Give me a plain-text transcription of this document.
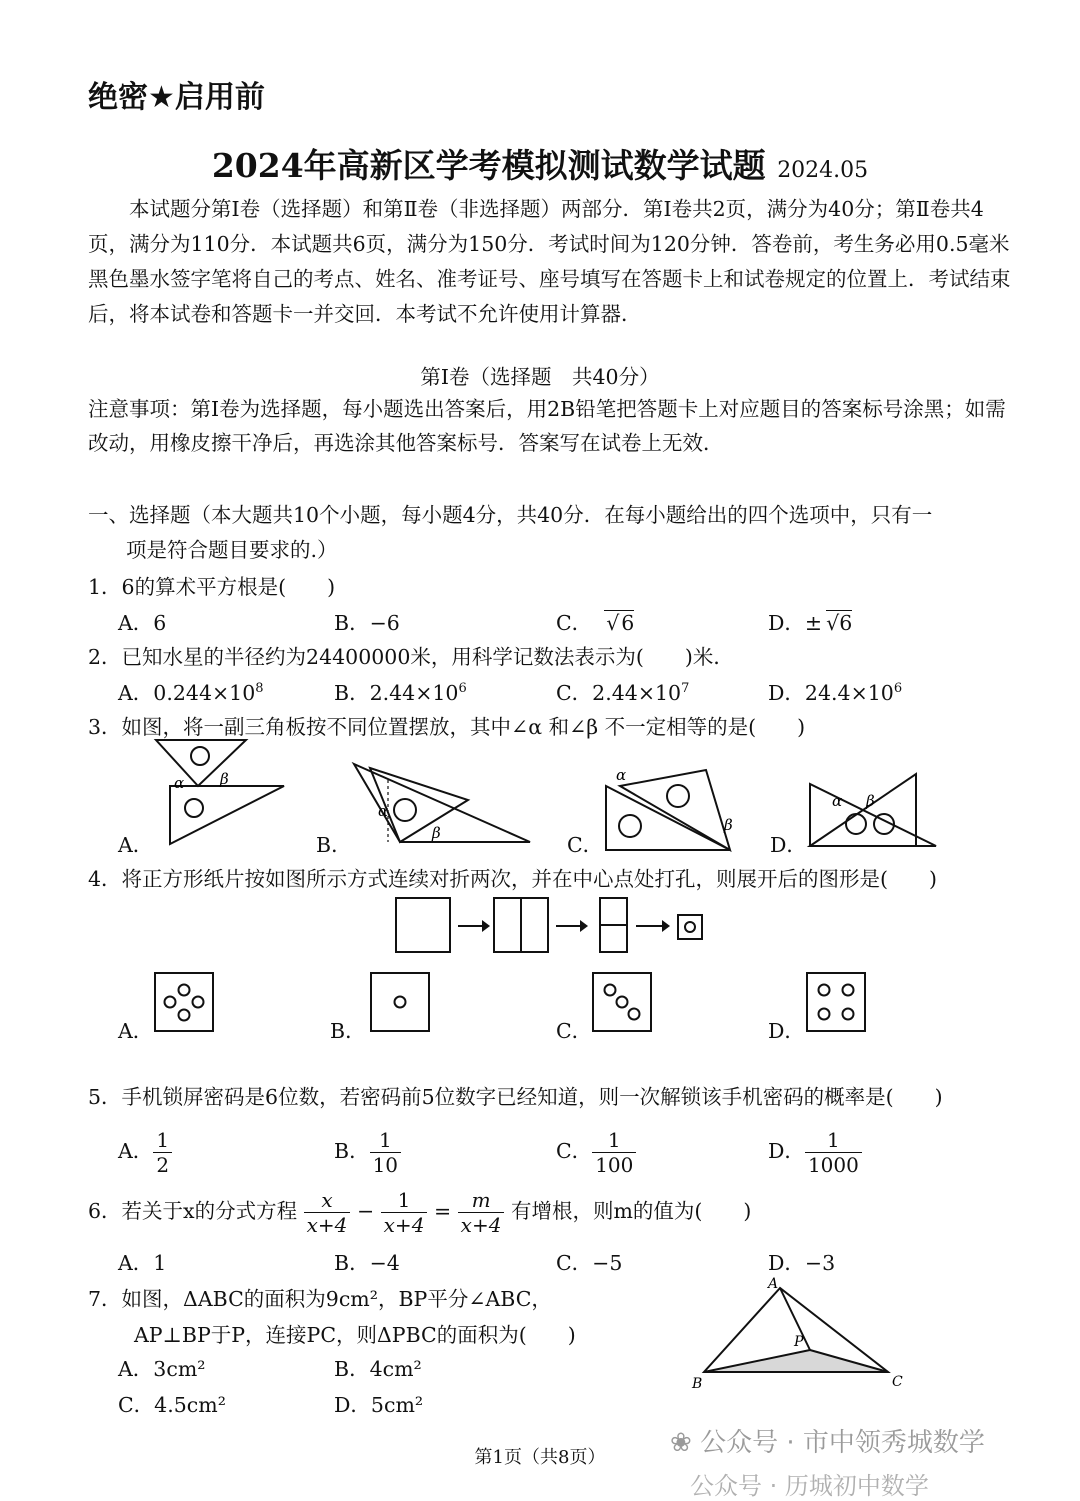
绝密★启用前
2024年高新区学考模拟测试数学试题 2024.05

本试题分第Ⅰ卷（选择题）和第Ⅱ卷（非选择题）两部分．第Ⅰ卷共2页，满分为40分；第Ⅱ卷共4页，满分为110分．本试题共6页，满分为150分．考试时间为120分钟．答卷前，考生务必用0.5毫米黑色墨水签字笔将自己的考点、姓名、准考证号、座号填写在答题卡上和试卷规定的位置上．考试结束后，将本试卷和答题卡一并交回．本考试不允许使用计算器．

第Ⅰ卷（选择题　共40分）
注意事项：第Ⅰ卷为选择题，每小题选出答案后，用2B铅笔把答题卡上对应题目的答案标号涂黑；如需改动，用橡皮擦干净后，再选涂其他答案标号．答案写在试卷上无效．
一、选择题（本大题共10个小题，每小题4分，共40分．在每小题给出的四个选项中，只有一
项是符合题目要求的.）
1．6的算术平方根是(　　)
A．6	B．−6	C． √6	D．± √6
2．已知水星的半径约为24400000米，用科学记数法表示为(　　)米．
A．$0.244\times 10^8$	B．$2.44\times 10^6$	C．$2.44\times 10^7$	D．$24.4\times 10^6$
3．如图，将一副三角板按不同位置摆放，其中∠α 和∠β 不一定相等的是(　　)
A．	B．	C．	D．
α β
α
β
α
β
α β
4．将正方形纸片按如图所示方式连续对折两次，并在中心点处打孔，则展开后的图形是(　　)
A．	B．	C．	D．
5．手机锁屏密码是6位数，若密码前5位数字已经知道，则一次解锁该手机密码的概率是(　　)
A． $\frac{1}{2}$	B． $\frac{1}{10}$	C． $\frac{1}{100}$	D． $\frac{1}{1000}$
6．若关于x的分式方程 $\frac{x}{x+4} - \frac{1}{x+4} = \frac{m}{x+4}$ 有增根，则m的值为(　　)
A．1	B．−4	C．−5	D．−3
7．如图，ΔABC的面积为9cm²，BP平分∠ABC，
AP⊥BP于P，连接PC，则ΔPBC的面积为(　　)
A．3cm²	B．4cm²
C．4.5cm²	D．5cm²
A
B	C
P
第1页（共8页）	❀ 公众号 · 市中领秀城数学
公众号 · 历城初中数学
